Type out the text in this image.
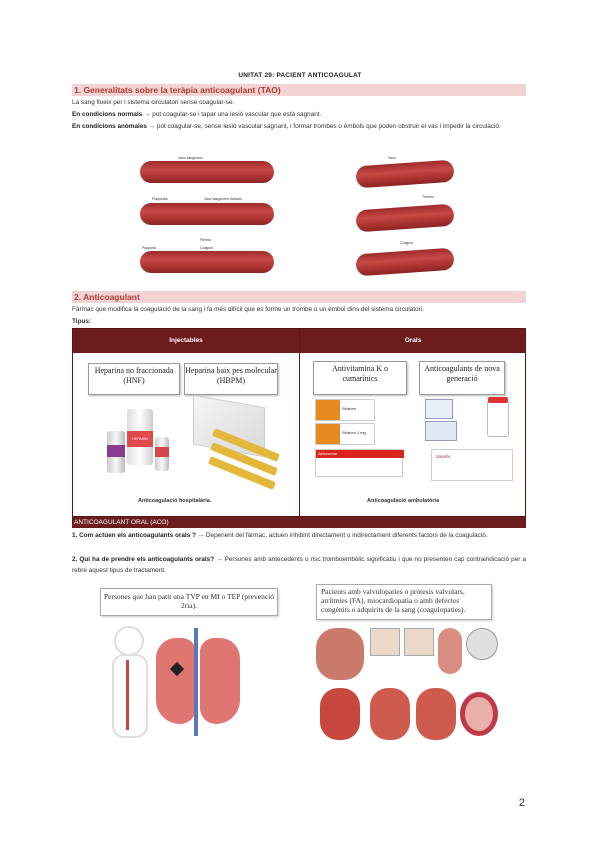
UNITAT 29: PACIENT ANTICOAGULAT
1. Generalitats sobre la teràpia anticoagulant (TAO)
La sang flueix per l sistema circulatori sense coagular-se.
En condicions normals → pot coagular-se i tapar una lesió vascular que està sagnant.
En condicions anòmales → pot coagular-se, sense lesió vascular sagnant, i formar trombes o èmbols que poden obstruir el vas i impedir la circulació.
Vaso sanguíneo
Plaquetas	Vaso sanguíneo dañado
Fibrina
Plaqueta	Coágulo
Vaso
Trombo
Coágulo
2. Anticoagulant
Fàrmac que modifica la coagulació de la sang i fa més difícil que es forme un trombe o un èmbol dins del sistema circulatori.
Tipus:
Injectables	Orals
Heparina no fraccionada (HNF)
Heparina baix pes molecular (HBPM)
HEPARIN
Antivitamina K o cumarínics
Anticoagulants de nova generació
Sintrom
Sintrom 1 mg
Aldocumar
Xarelto
Anticoagulació hospitalària.	Anticoagulació ambulatòria
ANTICOAGULANT ORAL (ACO)
1. Com actúen els anticoagulants orals ? → Depenent del fàrmac, actuen inhibint directament o indirectament diferents factors de la coagulació.
2. Qui ha de prendre els anticoagulants orals? → Persones amb antecedents o risc tromboembòlic significatiu i que no presenten cap contraindicació per a rebre aquest tipus de tractament.
Persones que han patit una TVP en MI o TEP (prevenció 2ria).
Pacients amb valvulopaties o pròtesis valvulars, arrítmies (FA), miocardiopatia o amb defectes congènits o adquirits de la sang (coagulopaties).
2
